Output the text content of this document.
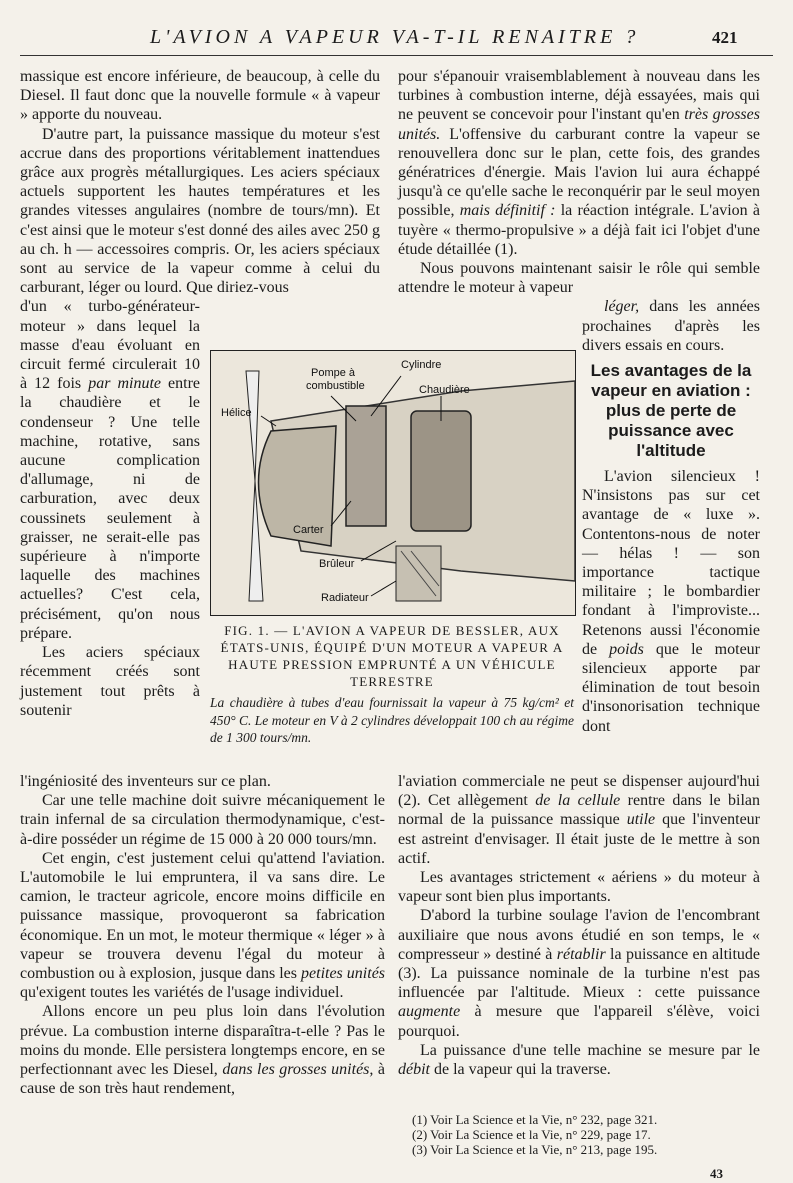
L'AVION A VAPEUR VA-T-IL RENAITRE ?	421

massique est encore inférieure, de beaucoup, à celle du Diesel. Il faut donc que la nouvelle formule « à vapeur » apporte du nouveau.

D'autre part, la puissance massique du moteur s'est accrue dans des proportions véritablement inattendues grâce aux progrès métallurgiques. Les aciers spéciaux actuels supportent les hautes températures et les grandes vitesses angulaires (nombre de tours/mn). Et c'est ainsi que le moteur s'est donné des ailes avec 250 g au ch. h — accessoires compris. Or, les aciers spéciaux sont au service de la vapeur comme à celui du carburant, léger ou lourd. Que diriez-vous

d'un « turbo-générateur-moteur » dans lequel la masse d'eau évoluant en circuit fermé circulerait 10 à 12 fois par minute entre la chaudière et le condenseur ? Une telle machine, rotative, sans aucune complication d'allumage, ni de carburation, avec deux coussinets seulement à graisser, ne serait-elle pas supérieure à n'importe laquelle des machines actuelles? C'est cela, précisément, qu'on nous prépare.

Les aciers spéciaux récemment créés sont justement tout prêts à soutenir

Pompe à
combustible
Cylindre
Chaudière
Hélice
Carter
Brûleur
Radiateur
FIG. 1. — L'AVION A VAPEUR DE BESSLER, AUX ÉTATS-UNIS, ÉQUIPÉ D'UN MOTEUR A VAPEUR A HAUTE PRESSION EMPRUNTÉ A UN VÉHICULE TERRESTRE
La chaudière à tubes d'eau fournissait la vapeur à 75 kg/cm² et 450° C. Le moteur en V à 2 cylindres développait 100 ch au régime de 1 300 tours/mn.

pour s'épanouir vraisemblablement à nouveau dans les turbines à combustion interne, déjà essayées, mais qui ne peuvent se concevoir pour l'instant qu'en très grosses unités. L'offensive du carburant contre la vapeur se renouvellera donc sur le plan, cette fois, des grandes génératrices d'énergie. Mais l'avion lui aura échappé jusqu'à ce qu'elle sache le reconquérir par le seul moyen possible, mais définitif : la réaction intégrale. L'avion à tuyère « thermo-propulsive » a déjà fait ici l'objet d'une étude détaillée (1).

Nous pouvons maintenant saisir le rôle qui semble attendre le moteur à vapeur
léger, dans les années prochaines d'après les divers essais en cours.

Les avantages de la vapeur en aviation : plus de perte de puissance avec l'altitude

L'avion silencieux ! N'insistons pas sur cet avantage de « luxe ». Contentons-nous de noter — hélas ! — son importance tactique militaire ; le bombardier fondant à l'improviste... Retenons aussi l'économie de poids que le moteur silencieux apporte par élimination de tout besoin d'insonorisation technique dont

l'ingéniosité des inventeurs sur ce plan.

Car une telle machine doit suivre mécaniquement le train infernal de sa circulation thermodynamique, c'est-à-dire posséder un régime de 15 000 à 20 000 tours/mn.

Cet engin, c'est justement celui qu'attend l'aviation. L'automobile le lui empruntera, il va sans dire. Le camion, le tracteur agricole, encore moins difficile en puissance massique, provoqueront sa fabrication économique. En un mot, le moteur thermique « léger » à vapeur se trouvera devenu l'égal du moteur à combustion ou à explosion, jusque dans les petites unités qu'exigent toutes les variétés de l'usage individuel.

Allons encore un peu plus loin dans l'évolution prévue. La combustion interne disparaîtra-t-elle ? Pas le moins du monde. Elle persistera longtemps encore, en se perfectionnant avec les Diesel, dans les grosses unités, à cause de son très haut rendement,

l'aviation commerciale ne peut se dispenser aujourd'hui (2). Cet allègement de la cellule rentre dans le bilan normal de la puissance massique utile que l'inventeur est astreint d'envisager. Il était juste de le mettre à son actif.

Les avantages strictement « aériens » du moteur à vapeur sont bien plus importants.

D'abord la turbine soulage l'avion de l'encombrant auxiliaire que nous avons étudié en son temps, le « compresseur » destiné à rétablir la puissance en altitude (3). La puissance nominale de la turbine n'est pas influencée par l'altitude. Mieux : cette puissance augmente à mesure que l'appareil s'élève, voici pourquoi.

La puissance d'une telle machine se mesure par le débit de la vapeur qui la traverse.

(1) Voir La Science et la Vie, n° 232, page 321.
(2) Voir La Science et la Vie, n° 229, page 17.
(3) Voir La Science et la Vie, n° 213, page 195.
43
